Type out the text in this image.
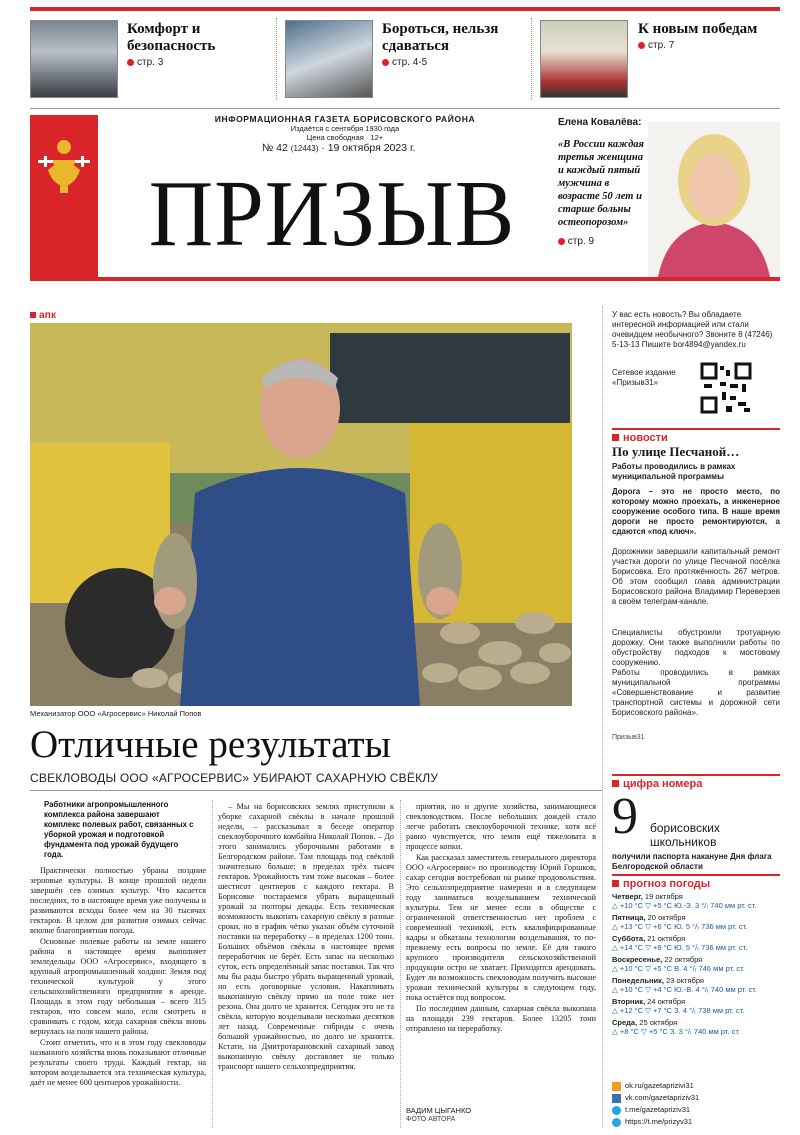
Комфорт и безопасность
стр. 3
Бороться, нельзя сдаваться
стр. 4-5
К новым победам
стр. 7
ИНФОРМАЦИОННАЯ ГАЗЕТА БОРИСОВСКОГО РАЙОНА
Издаётся с сентября 1930 года
Цена свободная · 12+
№ 42 (12443) · 19 октября 2023 г.
ПРИЗЫВ
Елена Ковалёва:
«В России каждая третья женщина и каждый пятый мужчина в возрасте 50 лет и старше больны остеопорозом»
стр. 9
апк
Механизатор ООО «Агросервис» Николай Попов
Отличные результаты
СВЕКЛОВОДЫ ООО «АГРОСЕРВИС» УБИРАЮТ САХАРНУЮ СВЁКЛУ
Работники агропромышленного комплекса района завершают комплекс полевых работ, связанных с уборкой урожая и подготовкой фундамента под урожай будущего года.

Практически полностью убраны поздние зерновые культуры. В конце прошлой недели завершён сев озимых культур. Что касается последних, то в настоящее время уже получены и развиваются всходы более чем на 30 тысячах гектаров. В целом для развития озимых сейчас вполне благоприятная погода.

Основные полевые работы на земле нашего района в настоящее время выполняет земледельцы ООО «Агросервис», входящего в крупный агропромышленный холдинг. Земля под технической культурой у этого сельскохозяйственного предприятия в аренде. Площадь в этом году небольшая – всего 315 гектаров, что совсем мало, если смотреть и сравнивать с годом, когда сахарная свёкла вновь вернулась на поля нашего района.

Стоит отметить, что и в этом году свекловоды названного хозяйства вновь показывают отличные результаты своего труда. Каждый гектар, на котором возделывается эта техническая культура, даёт не менее 600 центнеров урожайности.

– Мы на борисовских землях приступили к уборке сахарной свёклы в начале прошлой недели, – рассказывал в беседе оператор свеклоуборочного комбайна Николай Попов. – До этого занимались уборочными работами в Белгородском районе. Там площадь под свёклой значительно больше: в пределах трёх тысяч гектаров. Урожайность там тоже высокая – более шестисот центнеров с каждого гектара. В Борисовке постараемся убрать выращенный урожай за полторы декады. Есть техническая возможность выкопать сахарную свёклу в разные сроки, но в график чётко указан объём суточной поставки на переработку – в пределах 1200 тонн. Больших объёмов свёклы в настоящее время переработчик не берёт. Есть запас на несколько суток, есть определённый запас поставки. Так что мы бы рады быстро убрать выращенный урожай, но есть договорные условия. Накапливать выкопанную свёклу прямо на поле тоже нет резона. Она долго не хранится. Сегодня это не та свёкла, которую возделывали несколько десятков лет назад. Современные гибриды с очень большой урожайностью, но долго не хранятся. Кстати, на Дмитротарановский сахарный завод выкопанную свёклу доставляет не только транспорт нашего сельхозпредприятия.

приятия, но и другие хозяйства, занимающиеся свекловодством. После небольших дождей стало легче работать свеклоуборочной технике, хотя всё равно чувствуется, что земля ещё тяжеловата в процессе копки.

Как рассказал заместитель генерального директора ООО «Агросервис» по производству Юрий Горшков, сахар сегодня востребован на рынке продовольствия. Это сельхозпредприятие намерено и в следующем году заниматься возделыванием технической культуры. Тем не менее если в обществе с ограниченной ответственностью нет проблем с современной техникой, есть квалифицированные кадры и обкатаны технологии возделывания, то по-прежнему есть вопросы по земле. Её для такого крупного производителя сельскохозяйственной продукции остро не хватает. Приходится арендовать. Будет ли возможность свекловодам получить высокие урожаи технической культуры в следующем году, пока остаётся под вопросом.

По последним данным, сахарная свёкла выкопана на площади 239 гектаров. Более 13205 тонн отправлено на переработку.

ВАДИМ ЦЫГАНКО
ФОТО АВТОРА
У вас есть новость? Вы обладаете интересной информацией или стали очевидцем необычного? Звоните 8 (47246) 5-13-13 Пишите bor4894@yandex.ru
Сетевое издание «Призыв31»
новости
По улице Песчаной…
Работы проводились в рамках муниципальной программы
Дорога – это не просто место, по которому можно проехать, а инженерное сооружение особого типа. В наше время дороги не просто ремонтируются, а сдаются «под ключ».
Дорожники завершили капитальный ремонт участка дороги по улице Песчаной посёлка Борисовка. Его протяжённость 267 метров. Об этом сообщил глава администрации Борисовского района Владимир Переверзев в своём телеграм-канале.
Специалисты обустроили тротуарную дорожку. Они также выполнили работы по обустройству подходов к мостовому сооружению.
Работы проводились в рамках муниципальной программы «Совершенствование и развитие транспортной системы и дорожной сети Борисовского района».
Призыв31
цифра номера
9 борисовских школьников
получили паспорта накануне Дня флага Белгородской области
прогноз погоды
Четверг, 19 октября
△ +10 °С ▽ +5 °С Ю.-З. 3 °/₍ 740 мм рт. ст.
Пятница, 20 октября
△ +13 °С ▽ +6 °С Ю. 5 °/₍ 736 мм рт. ст.
Суббота, 21 октября
△ +14 °С ▽ +8 °С Ю. 5 °/₍ 736 мм рт. ст.
Воскресенье, 22 октября
△ +10 °С ▽ +5 °С В. 4 °/₍ 746 мм рт. ст.
Понедельник, 23 октября
△ +10 °С ▽ +4 °С Ю.-В. 4 °/₍ 740 мм рт. ст.
Вторник, 24 октября
△ +12 °С ▽ +7 °С З. 4 °/₍ 738 мм рт. ст.
Среда, 25 октября
△ +8 °С ▽ +5 °С З. 3 °/₍ 740 мм рт. ст.
ok.ru/gazetaprizivi31
vk.com/gazetapriziv31
t.me/gazetapriziv31
https://t.me/prizyv31
